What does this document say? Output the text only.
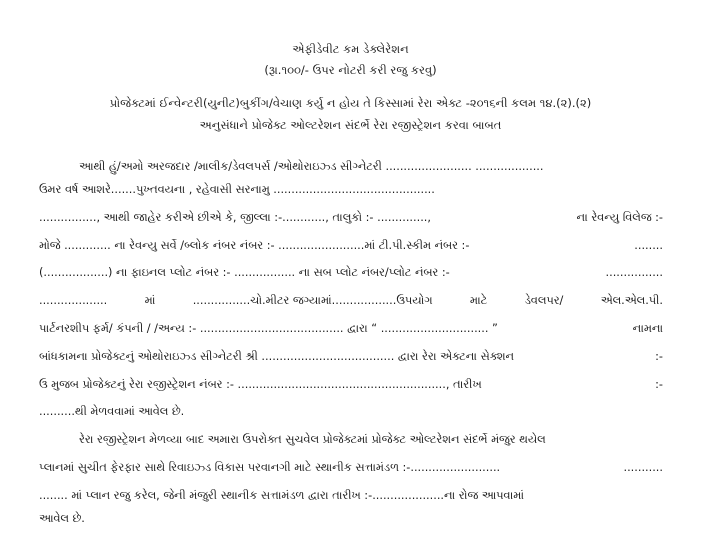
એફીડેવીટ કમ ડેક્લેરેશન
(રૂા.૧૦૦/- ઉપર નોટરી કરી રજુ કરવુ)
પ્રોજેક્ટમાં ઈન્વેન્ટરી(યુનીટ)બુકીંગ/વેચાણ કર્યુ ન હોય તે કિસ્સામાં રેરા એક્ટ -૨૦૧૬ની કલમ ૧૪.(૨).(૨)
અનુસંધાને પ્રોજેક્ટ ઓલ્ટરેશન સંદર્ભે રેરા રજીસ્ટ્રેશન કરવા બાબત
આથી હું/અમો અરજદાર /માલીક/ડેવલપર્સ /ઓથોરાઇઝ્ડ સીગ્નેટરી ........................ ...................
ઉમર વર્ષ આશરે.......પુખ્તવયના , રહેવાસી સરનામુ .............................................
................, આથી જાહેર કરીએ છીએ કે, જીલ્લા :-............, તાલુકો :- ..............,	ના રેવન્યુ વિલેજ :-
મોજે ............. ના રેવન્યુ સર્વે /બ્લોક નંબર નંબર :- ........................માં ટી.પી.સ્કીમ નંબર :-	........
(..................) ના ફાઇનલ પ્લોટ નંબર :- ................. ના સબ પ્લોટ નંબર/પ્લોટ નંબર :-	................
...................	માં	................ચો.મીટર જગ્યામાં..................ઉપયોગ	માટે	ડેવલપર/	એલ.એલ.પી.
પાર્ટનરશીપ ફર્મ/ કંપની / /અન્ય :- ........................................ દ્વારા “ .............................. ”	નામના
બાંધકામના પ્રોજેક્ટનું ઓથોરાઇઝ્ડ સીગ્નેટરી શ્રી ..................................... દ્વારા રેરા એક્ટના સેક્શન	:-
ઉ મુજબ પ્રોજેક્ટનું રેરા રજીસ્ટ્રેશન નંબર :- .........................................................., તારીખ	:-
..........થી મેળવવામાં આવેલ છે.
રેરા રજીસ્ટ્રેશન મેળવ્યા બાદ અમારા ઉપરોક્ત સુચવેલ પ્રોજેક્ટમાં પ્રોજેક્ટ ઓલ્ટરેશન સંદર્ભે મંજુર થયેલ
પ્લાનમાં સુચીત ફેરફાર સાથે રિવાઇઝ્ડ વિકાસ પરવાનગી માટે સ્થાનીક સત્તામંડળ :-.........................	...........
........ માં પ્લાન રજુ કરેલ, જેની મંજુરી સ્થાનીક સત્તામંડળ દ્વારા તારીખ :-....................ના રોજ આપવામાં
આવેલ છે.
